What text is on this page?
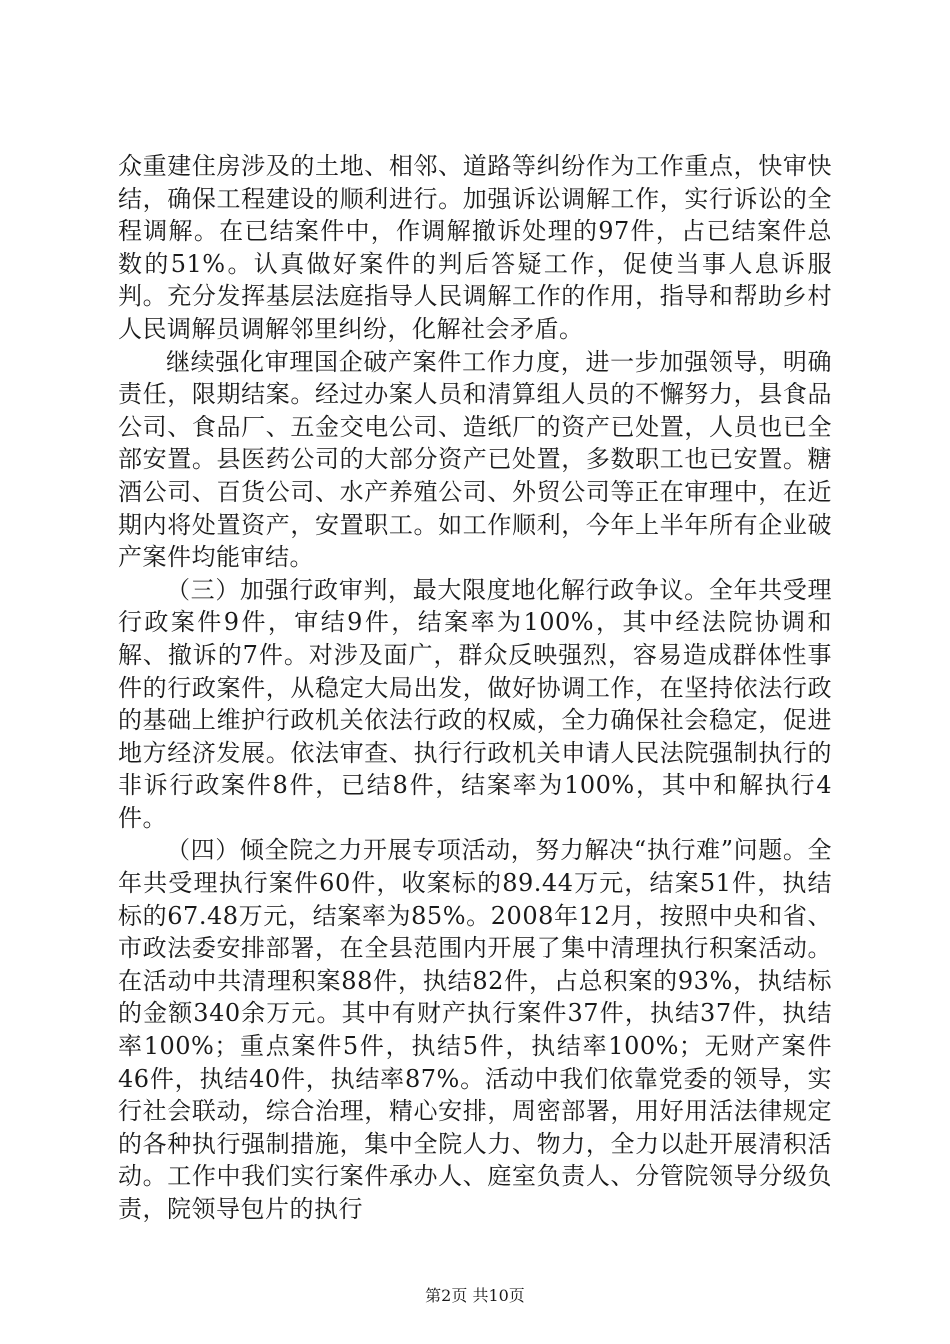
众重建住房涉及的土地、相邻、道路等纠纷作为工作重点，快审快结，确保工程建设的顺利进行。加强诉讼调解工作，实行诉讼的全程调解。在已结案件中，作调解撤诉处理的97件，占已结案件总数的51%。认真做好案件的判后答疑工作，促使当事人息诉服判。充分发挥基层法庭指导人民调解工作的作用，指导和帮助乡村人民调解员调解邻里纠纷，化解社会矛盾。

继续强化审理国企破产案件工作力度，进一步加强领导，明确责任，限期结案。经过办案人员和清算组人员的不懈努力，县食品公司、食品厂、五金交电公司、造纸厂的资产已处置，人员也已全部安置。县医药公司的大部分资产已处置，多数职工也已安置。糖酒公司、百货公司、水产养殖公司、外贸公司等正在审理中，在近期内将处置资产，安置职工。如工作顺利，今年上半年所有企业破产案件均能审结。

（三）加强行政审判，最大限度地化解行政争议。全年共受理行政案件9件，审结9件，结案率为100%，其中经法院协调和解、撤诉的7件。对涉及面广，群众反映强烈，容易造成群体性事件的行政案件，从稳定大局出发，做好协调工作，在坚持依法行政的基础上维护行政机关依法行政的权威，全力确保社会稳定，促进地方经济发展。依法审查、执行行政机关申请人民法院强制执行的非诉行政案件8件，已结8件，结案率为100%，其中和解执行4件。

（四）倾全院之力开展专项活动，努力解决“执行难”问题。全年共受理执行案件60件，收案标的89.44万元，结案51件，执结标的67.48万元，结案率为85%。2008年12月，按照中央和省、市政法委安排部署，在全县范围内开展了集中清理执行积案活动。在活动中共清理积案88件，执结82件，占总积案的93%，执结标的金额340余万元。其中有财产执行案件37件，执结37件，执结率100%；重点案件5件，执结5件，执结率100%；无财产案件46件，执结40件，执结率87%。活动中我们依靠党委的领导，实行社会联动，综合治理，精心安排，周密部署，用好用活法律规定的各种执行强制措施，集中全院人力、物力，全力以赴开展清积活动。工作中我们实行案件承办人、庭室负责人、分管院领导分级负责，院领导包片的执行

第2页 共10页
